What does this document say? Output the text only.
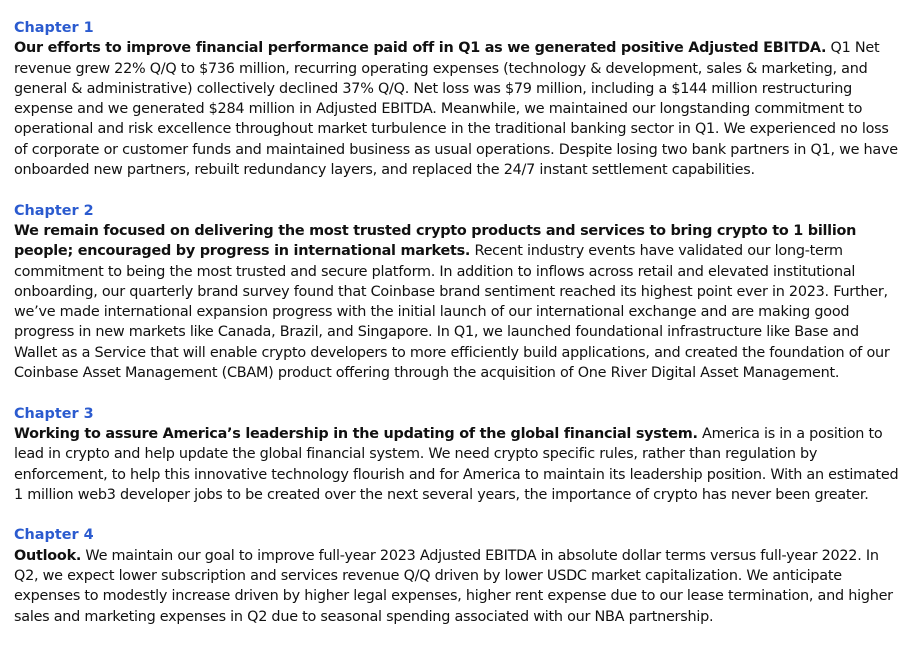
Chapter 1

Our efforts to improve financial performance paid off in Q1 as we generated positive Adjusted EBITDA. Q1 Net revenue grew 22% Q/Q to $736 million, recurring operating expenses (technology & development, sales & marketing, and general & administrative) collectively declined 37% Q/Q. Net loss was $79 million, including a $144 million restructuring expense and we generated $284 million in Adjusted EBITDA. Meanwhile, we maintained our longstanding commitment to operational and risk excellence throughout market turbulence in the traditional banking sector in Q1. We experienced no loss of corporate or customer funds and maintained business as usual operations. Despite losing two bank partners in Q1, we have onboarded new partners, rebuilt redundancy layers, and replaced the 24/7 instant settlement capabilities.

Chapter 2

We remain focused on delivering the most trusted crypto products and services to bring crypto to 1 billion people; encouraged by progress in international markets. Recent industry events have validated our long-term commitment to being the most trusted and secure platform. In addition to inflows across retail and elevated institutional onboarding, our quarterly brand survey found that Coinbase brand sentiment reached its highest point ever in 2023. Further, we’ve made international expansion progress with the initial launch of our international exchange and are making good progress in new markets like Canada, Brazil, and Singapore. In Q1, we launched foundational infrastructure like Base and Wallet as a Service that will enable crypto developers to more efficiently build applications, and created the foundation of our Coinbase Asset Management (CBAM) product offering through the acquisition of One River Digital Asset Management.

Chapter 3

Working to assure America’s leadership in the updating of the global financial system. America is in a position to lead in crypto and help update the global financial system. We need crypto specific rules, rather than regulation by enforcement, to help this innovative technology flourish and for America to maintain its leadership position. With an estimated 1 million web3 developer jobs to be created over the next several years, the importance of crypto has never been greater.

Chapter 4

Outlook. We maintain our goal to improve full-year 2023 Adjusted EBITDA in absolute dollar terms versus full-year 2022. In Q2, we expect lower subscription and services revenue Q/Q driven by lower USDC market capitalization. We anticipate expenses to modestly increase driven by higher legal expenses, higher rent expense due to our lease termination, and higher sales and marketing expenses in Q2 due to seasonal spending associated with our NBA partnership.
